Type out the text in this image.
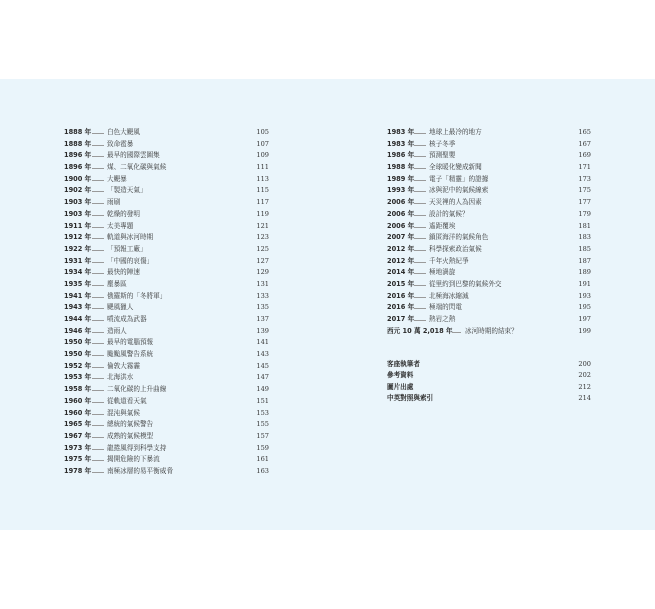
1888 年 白色大颶風	105
1888 年 致命雹暴	107
1896 年 最早的國際雲圖集	109
1896 年 煤、二氧化碳與氣候	111
1900 年 大颶暴	113
1902 年 「製造天氣」	115
1903 年 雨刷	117
1903 年 乾燥的發明	119
1911 年 太美專題	121
1912 年 軌道與冰河時期	123
1922 年 「預報工廠」	125
1931 年 「中國的哀傷」	127
1934 年 最快的陣速	129
1935 年 塵暴區	131
1941 年 俄羅斯的「冬將軍」	133
1943 年 颶風獵人	135
1944 年 噴流成為武器	137
1946 年 造雨人	139
1950 年 最早的電腦預報	141
1950 年 颱颱風警告系統	143
1952 年 倫敦大霧霾	145
1953 年 北海洪水	147
1958 年 二氧化碳的上升曲線	149
1960 年 從軌道看天氣	151
1960 年 混沌與氣候	153
1965 年 總統的氣候警告	155
1967 年 成熟的氣候模型	157
1973 年 龍捲風得到科學支持	159
1975 年 揭開危險的下暴流	161
1978 年 南極冰層的易平衡威脅	163
1983 年 地球上最冷的地方	165
1983 年 核子冬季	167
1986 年 預測聖嬰	169
1988 年 全球暖化變成新聞	171
1989 年 電子「精靈」的證據	173
1993 年 冰與泥中的氣候線索	175
2006 年 天災裡的人為因素	177
2006 年 設計的氣候？	179
2006 年 遙距覆埃	181
2007 年 鎖匿海洋的氣候角色	183
2012 年 科學探索政治氣候	185
2012 年 千年火熱紀爭	187
2014 年 極地渦旋	189
2015 年 從里約到巴黎的氣候外交	191
2016 年 北極海冰縮減	193
2016 年 極端的閃電	195
2017 年 熱岩之熱	197
西元 10 萬 2,018 年 冰河時期的結束？	199
客座執筆者	200
參考資料	202
圖片出處	212
中英對照與索引	214
